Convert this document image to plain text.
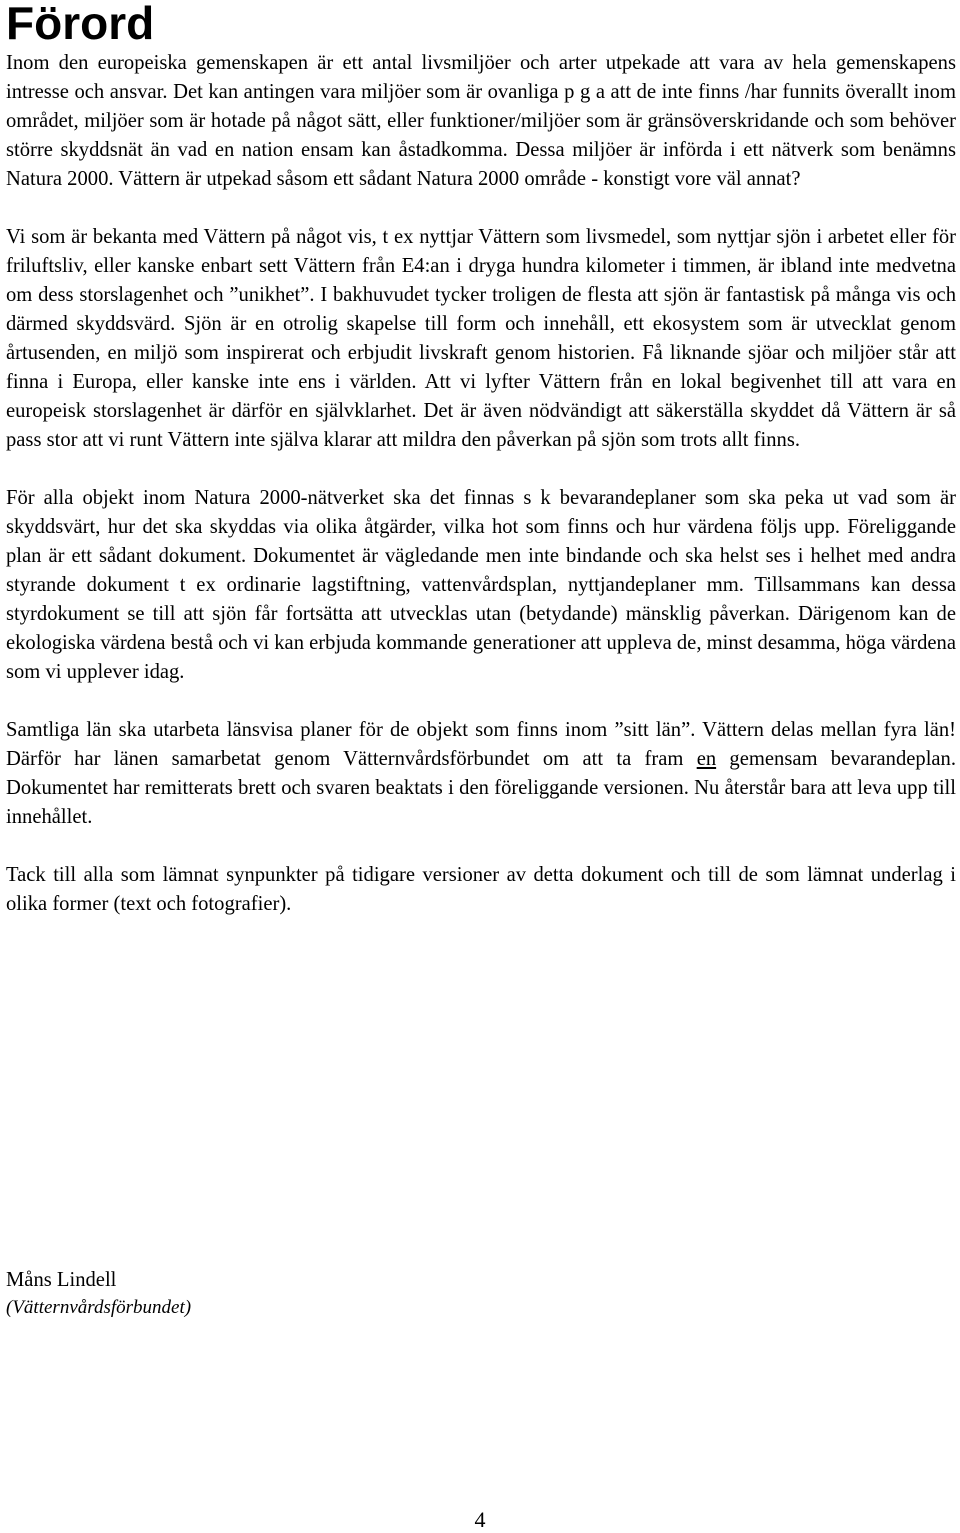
Förord

Inom den europeiska gemenskapen är ett antal livsmiljöer och arter utpekade att vara av hela gemenskapens intresse och ansvar. Det kan antingen vara miljöer som är ovanliga p g a att de inte finns /har funnits överallt inom området, miljöer som är hotade på något sätt, eller funktioner/miljöer som är gränsöverskridande och som behöver större skyddsnät än vad en nation ensam kan åstadkomma. Dessa miljöer är införda i ett nätverk som benämns Natura 2000. Vättern är utpekad såsom ett sådant Natura 2000 område - konstigt vore väl annat?

Vi som är bekanta med Vättern på något vis, t ex nyttjar Vättern som livsmedel, som nyttjar sjön i arbetet eller för friluftsliv, eller kanske enbart sett Vättern från E4:an i dryga hundra kilometer i timmen, är ibland inte medvetna om dess storslagenhet och ”unikhet”. I bakhuvudet tycker troligen de flesta att sjön är fantastisk på många vis och därmed skyddsvärd. Sjön är en otrolig skapelse till form och innehåll, ett ekosystem som är utvecklat genom årtusenden, en miljö som inspirerat och erbjudit livskraft genom historien. Få liknande sjöar och miljöer står att finna i Europa, eller kanske inte ens i världen. Att vi lyfter Vättern från en lokal begivenhet till att vara en europeisk storslagenhet är därför en självklarhet. Det är även nödvändigt att säkerställa skyddet då Vättern är så pass stor att vi runt Vättern inte själva klarar att mildra den påverkan på sjön som trots allt finns.

För alla objekt inom Natura 2000-nätverket ska det finnas s k bevarandeplaner som ska peka ut vad som är skyddsvärt, hur det ska skyddas via olika åtgärder, vilka hot som finns och hur värdena följs upp. Föreliggande plan är ett sådant dokument. Dokumentet är vägledande men inte bindande och ska helst ses i helhet med andra styrande dokument t ex ordinarie lagstiftning, vattenvårdsplan, nyttjandeplaner mm. Tillsammans kan dessa styrdokument se till att sjön får fortsätta att utvecklas utan (betydande) mänsklig påverkan. Därigenom kan de ekologiska värdena bestå och vi kan erbjuda kommande generationer att uppleva de, minst desamma, höga värdena som vi upplever idag.

Samtliga län ska utarbeta länsvisa planer för de objekt som finns inom ”sitt län”. Vättern delas mellan fyra län! Därför har länen samarbetat genom Vätternvårdsförbundet om att ta fram en gemensam bevarandeplan. Dokumentet har remitterats brett och svaren beaktats i den föreliggande versionen. Nu återstår bara att leva upp till innehållet.

Tack till alla som lämnat synpunkter på tidigare versioner av detta dokument och till de som lämnat underlag i olika former (text och fotografier).

Måns Lindell
(Vätternvårdsförbundet)
4
